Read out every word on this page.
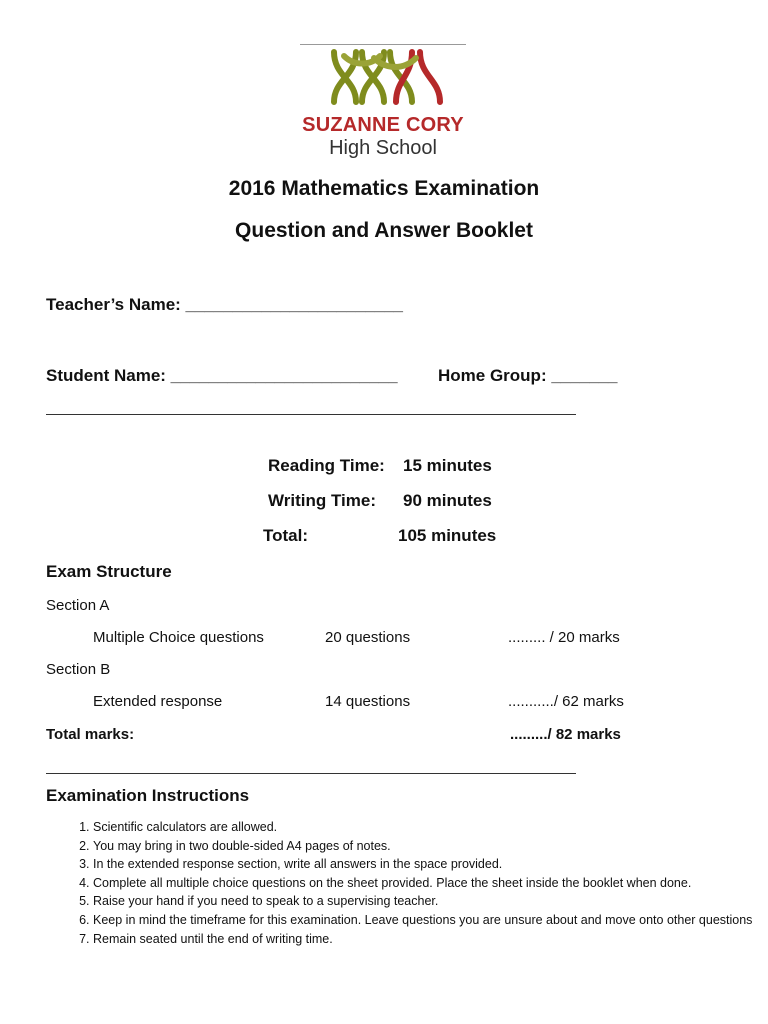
SUZANNE CORY
High School
2016 Mathematics Examination
Question and Answer Booklet
Teacher’s Name: _______________________
Student Name: ________________________ Home Group: _______
Reading Time: 15 minutes
Writing Time: 90 minutes
Total:	105 minutes
Exam Structure
Section A
Multiple Choice questions	20 questions	......... / 20 marks
Section B
Extended response	14 questions	.........../ 62 marks
Total marks:	........./ 82 marks
Examination Instructions
1. Scientific calculators are allowed.
2. You may bring in two double-sided A4 pages of notes.
3. In the extended response section, write all answers in the space provided.
4. Complete all multiple choice questions on the sheet provided. Place the sheet inside the booklet when done.
5. Raise your hand if you need to speak to a supervising teacher.
6. Keep in mind the timeframe for this examination. Leave questions you are unsure about and move onto other questions
7. Remain seated until the end of writing time.
